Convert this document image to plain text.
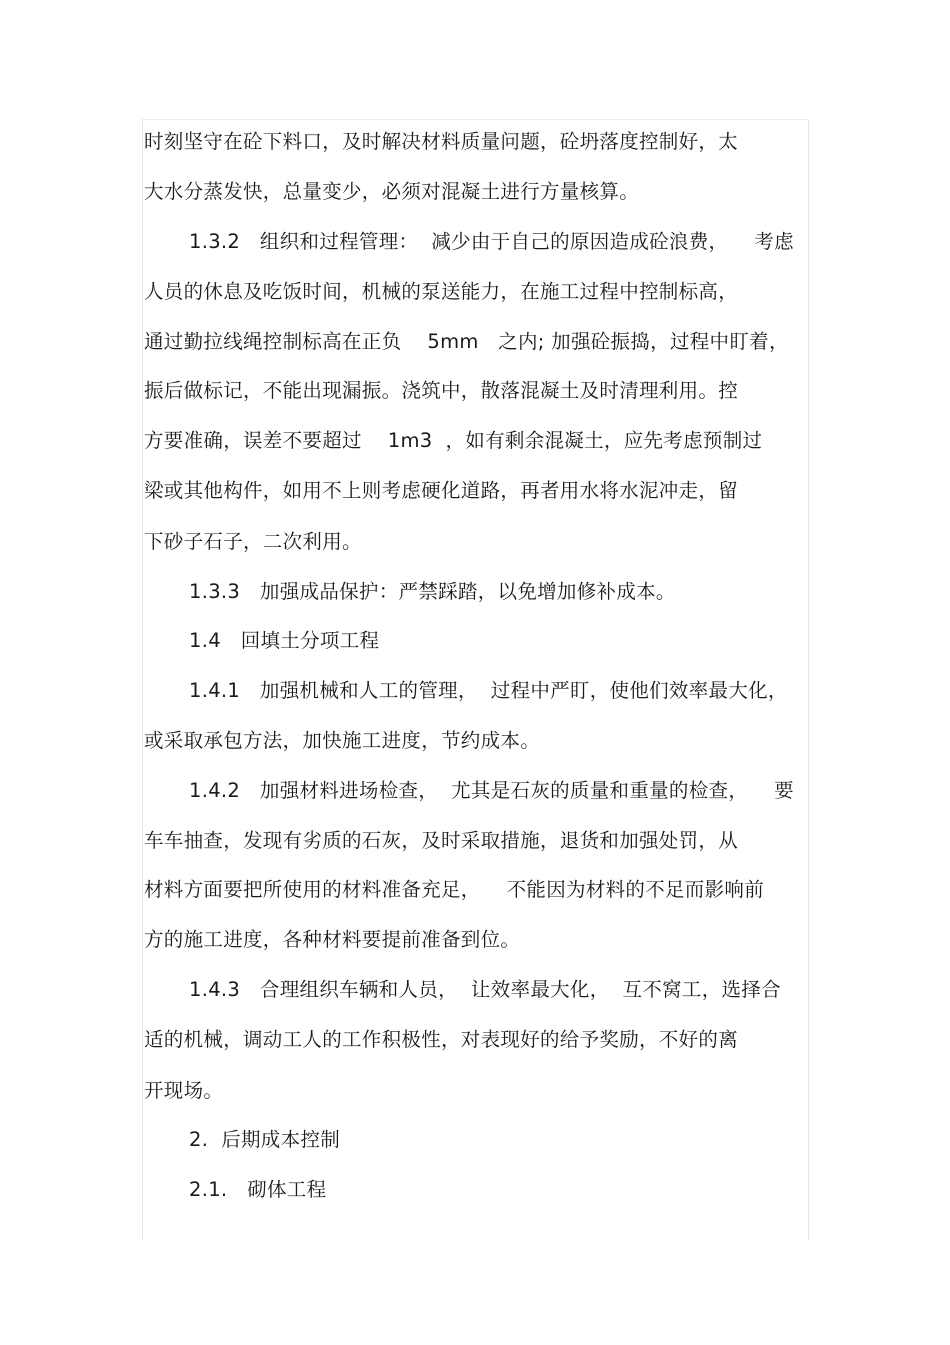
时刻坚守在砼下料口，及时解决材料质量问题，砼坍落度控制好，太
大水分蒸发快，总量变少，必须对混凝土进行方量核算。
1.3.2　组织和过程管理：  减少由于自己的原因造成砼浪费，    考虑
人员的休息及吃饭时间，机械的泵送能力，在施工过程中控制标高，
通过勤拉线绳控制标高在正负    5mm   之内; 加强砼振捣，过程中盯着，
振后做标记，不能出现漏振。浇筑中，散落混凝土及时清理利用。控
方要准确，误差不要超过    1m3  ，如有剩余混凝土，应先考虑预制过
梁或其他构件，如用不上则考虑硬化道路，再者用水将水泥冲走，留
下砂子石子，二次利用。
1.3.3　加强成品保护：严禁踩踏，以免增加修补成本。
1.4　回填土分项工程
1.4.1　加强机械和人工的管理，  过程中严盯，使他们效率最大化，
或采取承包方法，加快施工进度，节约成本。
1.4.2　加强材料进场检查，  尤其是石灰的质量和重量的检查，    要
车车抽查，发现有劣质的石灰，及时采取措施，退货和加强处罚，从
材料方面要把所使用的材料准备充足，    不能因为材料的不足而影响前
方的施工进度，各种材料要提前准备到位。
1.4.3　合理组织车辆和人员，  让效率最大化，  互不窝工，选择合
适的机械，调动工人的工作积极性，对表现好的给予奖励，不好的离
开现场。
2.  后期成本控制
2.1.　砌体工程
